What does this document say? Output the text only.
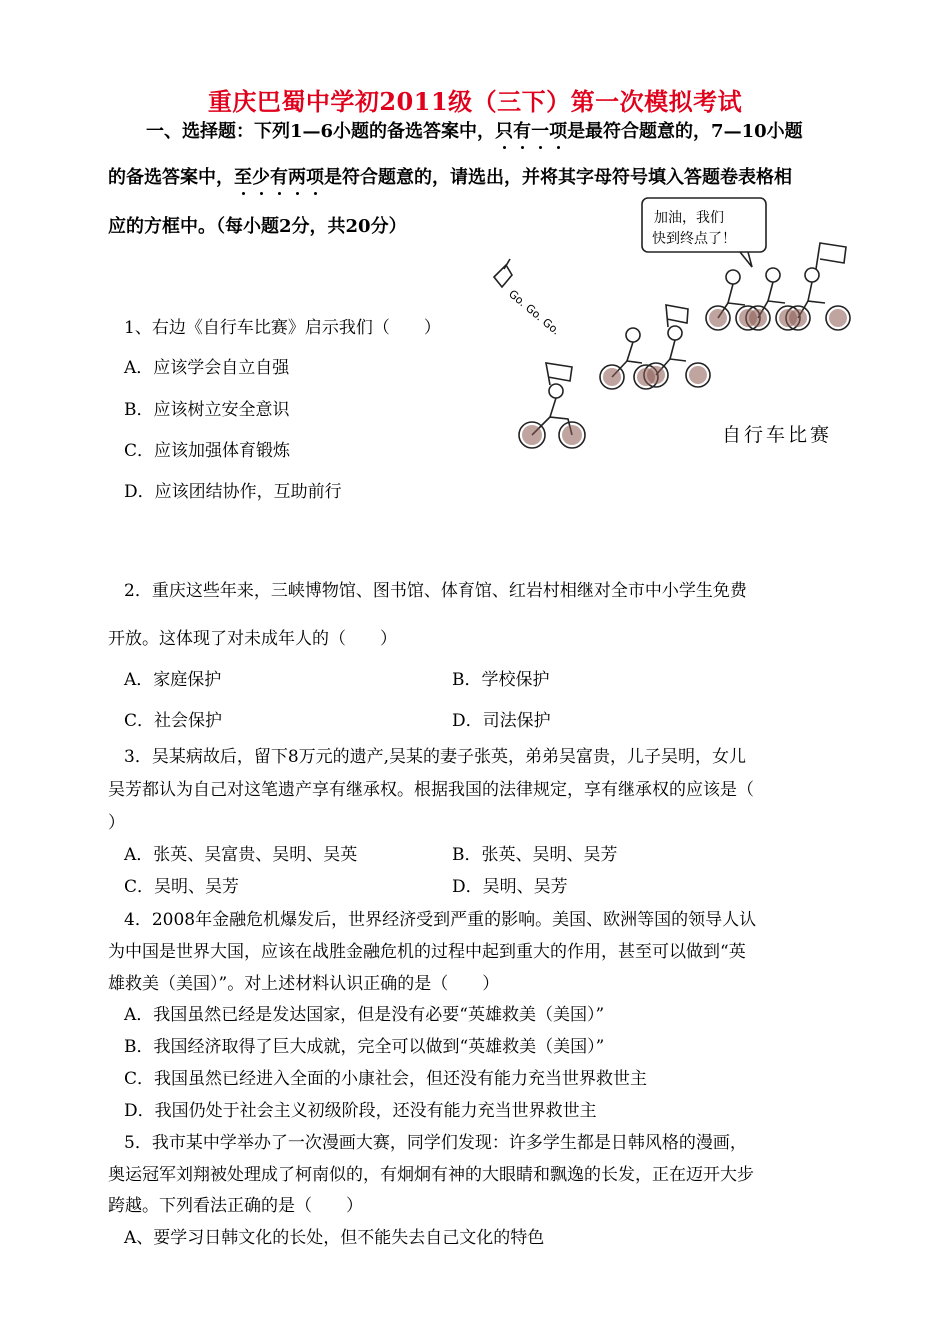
重庆巴蜀中学初2011级（三下）第一次模拟考试
一、选择题：下列1—6小题的备选答案中，只有一项是最符合题意的，7—10小题
的备选答案中，至少有两项是符合题意的，请选出，并将其字母符号填入答题卷表格相
应的方框中。（每小题2分，共20分）	加油，我们
快到终点了！
Go. Go. Go.
自行车比赛
1、右边《自行车比赛》启示我们（　　）
A．应该学会自立自强
B．应该树立安全意识
C．应该加强体育锻炼
D．应该团结协作，互助前行
2．重庆这些年来，三峡博物馆、图书馆、体育馆、红岩村相继对全市中小学生免费
开放。这体现了对未成年人的（　　）
A．家庭保护	B．学校保护
C．社会保护	D．司法保护
3．吴某病故后，留下8万元的遗产,吴某的妻子张英，弟弟吴富贵，儿子吴明，女儿
吴芳都认为自己对这笔遗产享有继承权。根据我国的法律规定，享有继承权的应该是（
）
A．张英、吴富贵、吴明、吴英	B．张英、吴明、吴芳
C．吴明、吴芳	D．吴明、吴芳
4．2008年金融危机爆发后，世界经济受到严重的影响。美国、欧洲等国的领导人认
为中国是世界大国，应该在战胜金融危机的过程中起到重大的作用，甚至可以做到“英
雄救美（美国）”。对上述材料认识正确的是（　　）
A．我国虽然已经是发达国家，但是没有必要“英雄救美（美国）”
B．我国经济取得了巨大成就，完全可以做到“英雄救美（美国）”
C．我国虽然已经进入全面的小康社会，但还没有能力充当世界救世主
D．我国仍处于社会主义初级阶段，还没有能力充当世界救世主
5．我市某中学举办了一次漫画大赛，同学们发现：许多学生都是日韩风格的漫画，
奥运冠军刘翔被处理成了柯南似的，有炯炯有神的大眼睛和飘逸的长发，正在迈开大步
跨越。下列看法正确的是（　　）
A、要学习日韩文化的长处，但不能失去自己文化的特色
